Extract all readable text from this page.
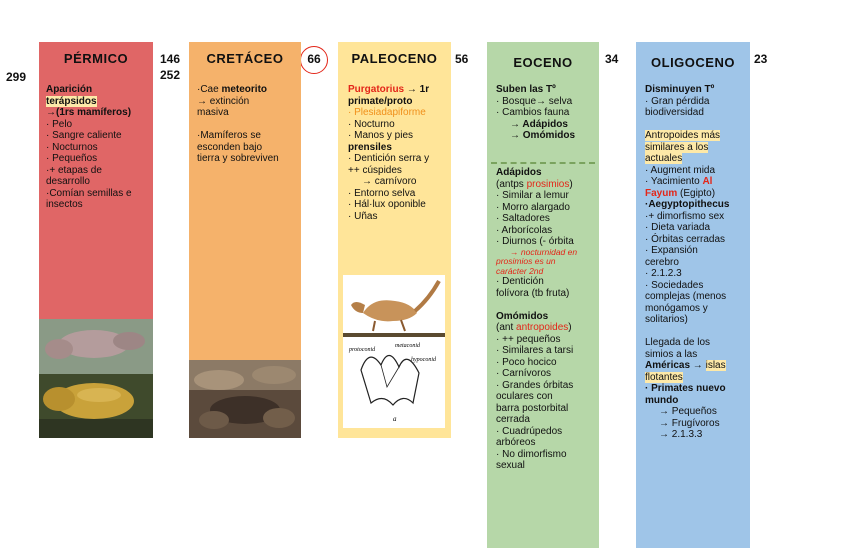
299
146
252
66	56	34	23
PÉRMICO
Aparición
terápsidos
→(1rs mamíferos)
· Pelo
· Sangre caliente
· Nocturnos
· Pequeños
·+ etapas de
desarrollo
·Comían semillas e
insectos
CRETÁCEO
·Cae meteorito
→ extinción
masiva

·Mamíferos se
esconden bajo
tierra y sobreviven
PALEOCENO
Purgatorius → 1r
primate/proto
· Plesiadapiforme
· Nocturno
· Manos y pies
prensiles
· Dentición serra y
++ cúspides
→ carnívoro
· Entorno selva
· Hál·lux oponible
· Uñas
protoconid
metaconid
hypoconid
a
EOCENO
Suben las Tº
· Bosque→ selva
· Cambios fauna
→ Adápidos
→ Omómidos
Adápidos
(antps prosimios)
· Similar a lemur
· Morro alargado
· Saltadores
· Arborícolas
· Diurnos (- órbita
→ nocturnidad en
prosimios es un
carácter 2nd
· Dentición
folívora (tb fruta)

Omómidos
(ant antropoides)
· ++ pequeños
· Similares a tarsi
· Poco hocico
· Carnívoros
· Grandes órbitas
oculares con
barra postorbital
cerrada
· Cuadrúpedos
arbóreos
· No dimorfismo
sexual
OLIGOCENO
Disminuyen Tº
· Gran pérdida
biodiversidad

Antropoides más
similares a los
actuales
· Augment mida
· Yacimiento Al
Fayum (Egipto)
·Aegyptopithecus
·+ dimorfismo sex
· Dieta variada
· Órbitas cerradas
· Expansión
cerebro
· 2.1.2.3
· Sociedades
complejas (menos
monógamos y
solitarios)

Llegada de los
simios a las
Américas → islas
flotantes
· Primates nuevo
mundo
→ Pequeños
→ Frugívoros
→ 2.1.3.3
